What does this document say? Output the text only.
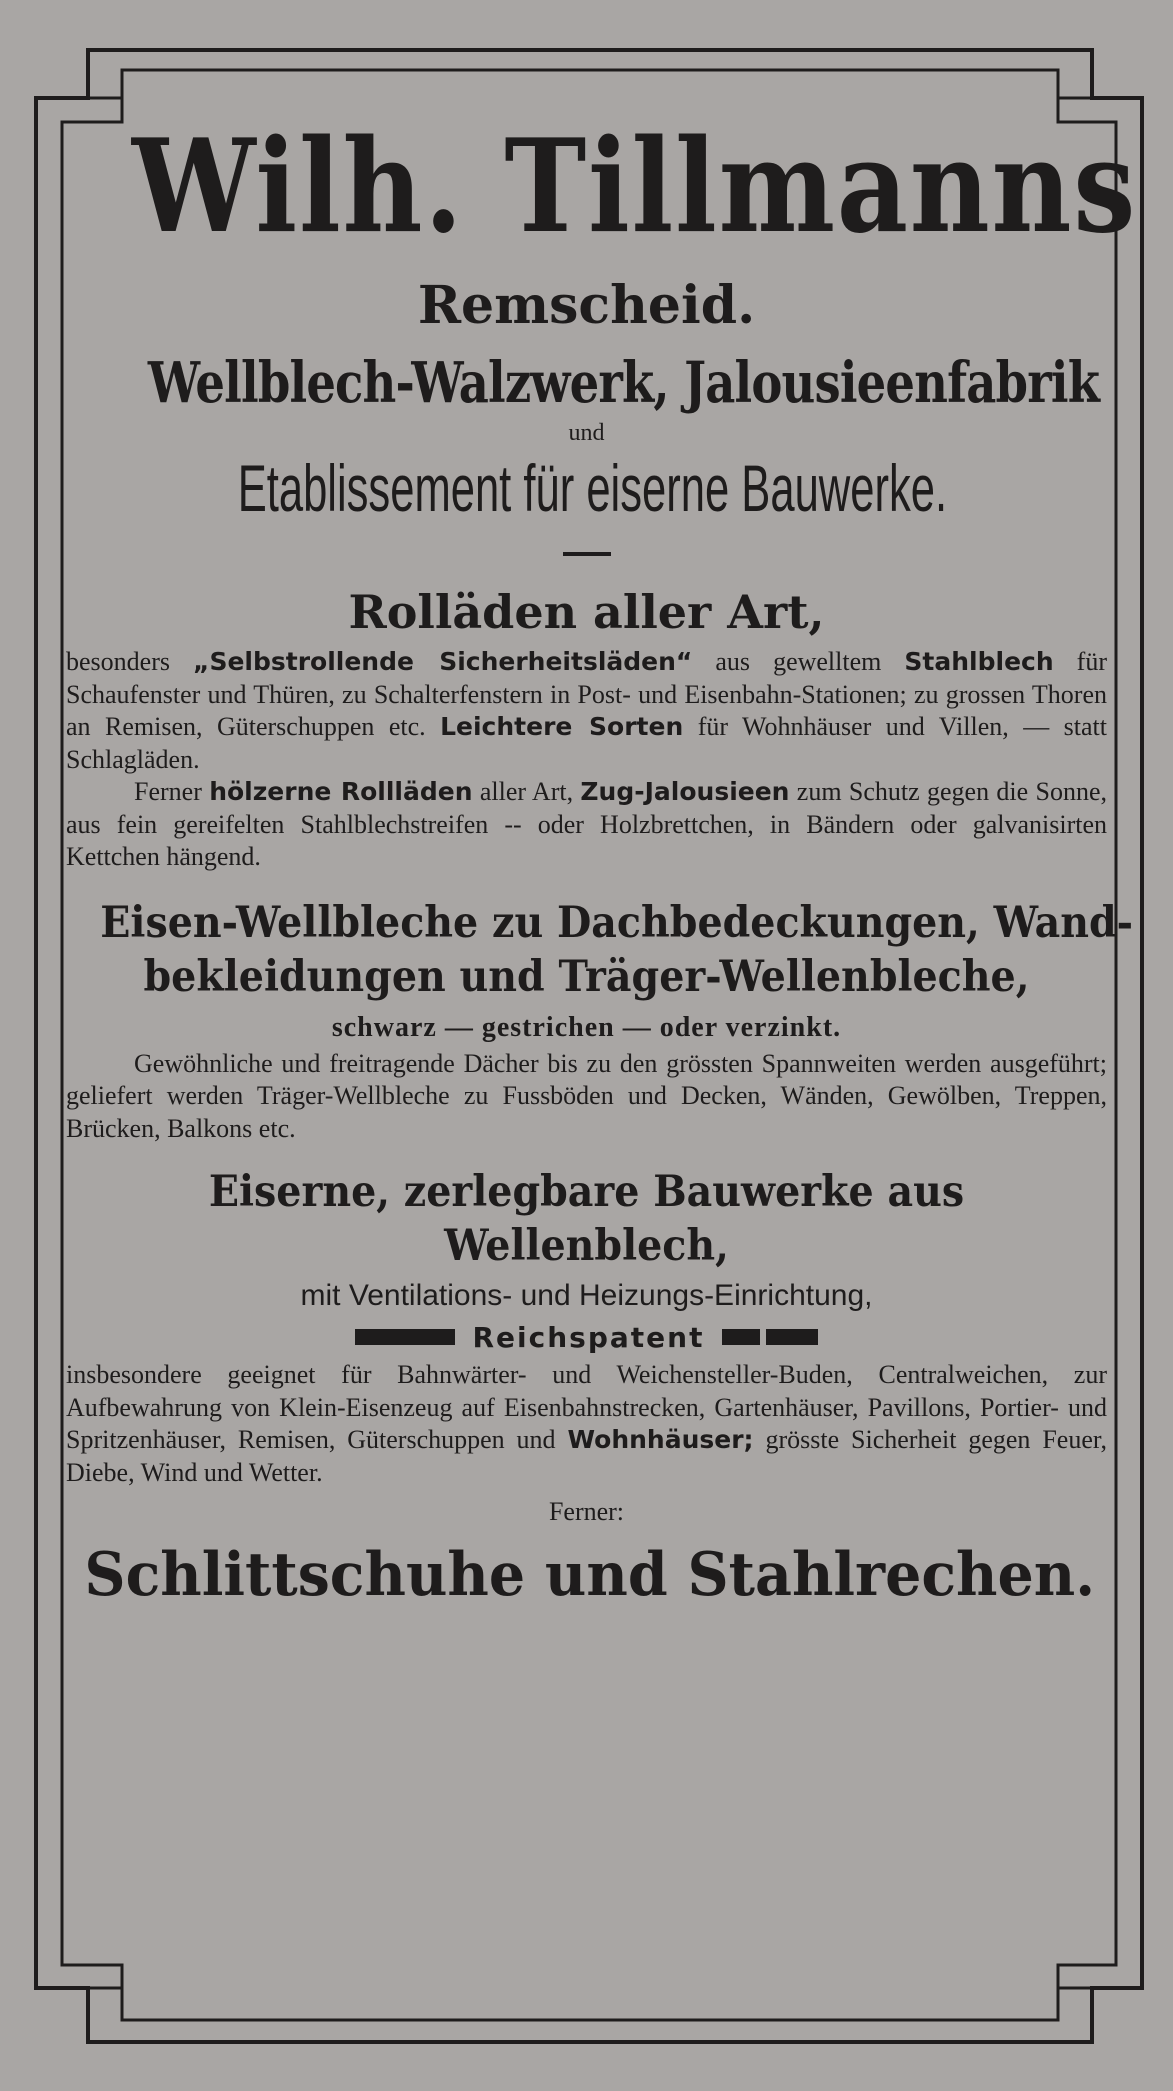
Wilh. Tillmanns
Remscheid.
Wellblech-Walzwerk, Jalousieenfabrik
und
Etablissement für eiserne Bauwerke.
Rolläden aller Art,

besonders „Selbstrollende Sicherheitsläden“ aus gewelltem Stahlblech für Schaufenster und Thüren, zu Schalterfenstern in Post- und Eisenbahn-Stationen; zu grossen Thoren an Remisen, Güterschuppen etc. Leichtere Sorten für Wohnhäuser und Villen, — statt Schlagläden.

Ferner hölzerne Rollläden aller Art, Zug-Jalousieen zum Schutz gegen die Sonne, aus fein gereifelten Stahlblechstreifen -- oder Holzbrettchen, in Bändern oder galvanisirten Kettchen hängend.

Eisen-Wellbleche zu Dachbedeckungen, Wand-
bekleidungen und Träger-Wellenbleche,
schwarz — gestrichen — oder verzinkt.

Gewöhnliche und freitragende Dächer bis zu den grössten Spannweiten werden ausgeführt; geliefert werden Träger-Wellbleche zu Fussböden und Decken, Wänden, Gewölben, Treppen, Brücken, Balkons etc.

Eiserne, zerlegbare Bauwerke aus
Wellenblech,
mit Ventilations- und Heizungs-Einrichtung,
Reichspatent

insbesondere geeignet für Bahnwärter- und Weichensteller-Buden, Centralweichen, zur Aufbewahrung von Klein-Eisenzeug auf Eisenbahnstrecken, Gartenhäuser, Pavillons, Portier- und Spritzenhäuser, Remisen, Güterschuppen und Wohnhäuser; grösste Sicherheit gegen Feuer, Diebe, Wind und Wetter.

Ferner:
Schlittschuhe und Stahlrechen.
